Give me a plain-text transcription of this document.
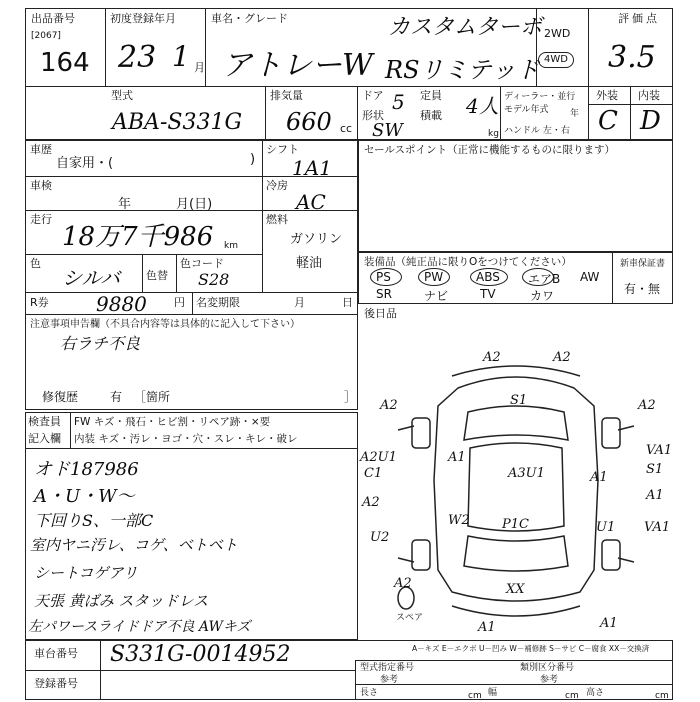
出品番号
[2067]
164
初度登録年月
23 1 月
車名・グレード
アトレーW
カスタムターボ
RSリミテッド
2WD
4WD
評価点
3.5
型式
ABA-S331G
排気量
660 cc
ドア 5 定員 4人
形状
SW
積載
kg
ディーラー・並行
モデル年式 年
ハンドル 左・右
外装 内装
C D
車歴
自家用・(	)
車検
年	月(日)
走行
18万7千986 km
色
シルバ 色替
色コード
S28
R券 9880 円 名変期限	月	日
注意事項申告欄（不具合内容等は具体的に記入して下さい）
右ラチ不良
修復歴	有 ［箇所	］
シフト
1A1
冷房
AC
燃料
ガソリン
軽油
セールスポイント（正常に機能するものに限ります）
装備品（純正品に限りOをつけてください）	新車保証書
有・無
PS	PW	ABS エアB AW
SR	ナビ	TV	カワ
後日品
検査員
記入欄
FW キズ・飛石・ヒビ割・リペア跡・×要
内装 キズ・汚レ・ヨゴ・穴・スレ・キレ・破レ
オド187986
A・U・W～
下回りS、一部C
室内ヤニ汚レ、コゲ、ベトベト
シートコゲアリ
天張 黄ばみ スタッドレス
左パワースライドドア不良 AWキズ
A2	A2
S1	A2
A2
A2U1
C1	A3U1
A1
A1
VA1
S1
A2
W2 P1C
U2
U1 VA1
A1
XX
A2
A1	A1
スペア
車台番号 S331G-0014952
登録番号
A－キズ E－エクボ U－凹み W－補修跡 S－サビ C－腐食 XX－交換済
型式指定番号
参考
類別区分番号
参考
長さ	cm 幅	cm 高さ	cm
